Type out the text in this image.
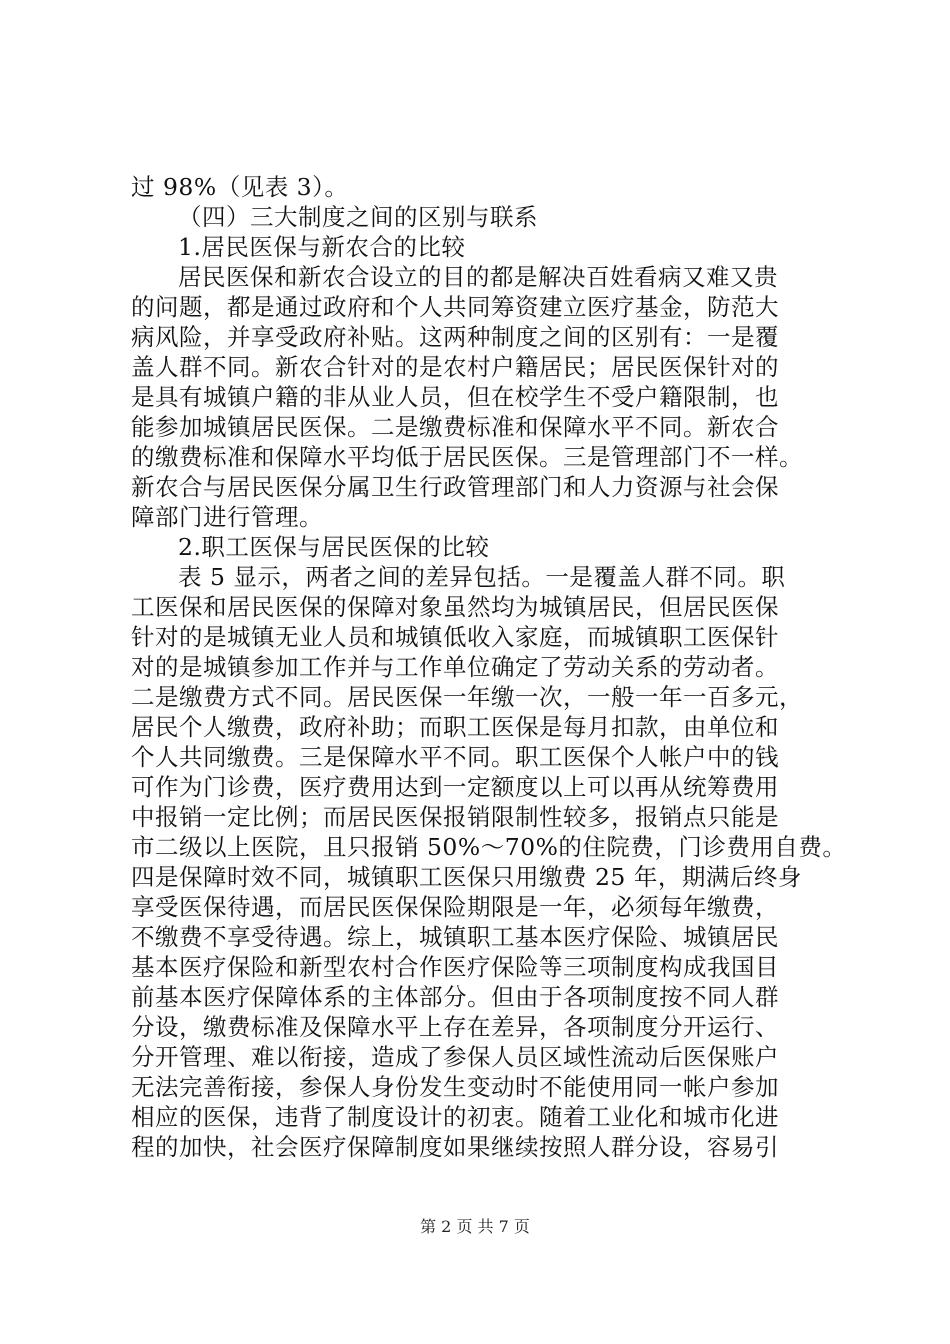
过 98%（见表 3）。
（四）三大制度之间的区别与联系
1.居民医保与新农合的比较
居民医保和新农合设立的目的都是解决百姓看病又难又贵
的问题，都是通过政府和个人共同筹资建立医疗基金，防范大
病风险，并享受政府补贴。这两种制度之间的区别有：一是覆
盖人群不同。新农合针对的是农村户籍居民；居民医保针对的
是具有城镇户籍的非从业人员，但在校学生不受户籍限制，也
能参加城镇居民医保。二是缴费标准和保障水平不同。新农合
的缴费标准和保障水平均低于居民医保。三是管理部门不一样。
新农合与居民医保分属卫生行政管理部门和人力资源与社会保
障部门进行管理。
2.职工医保与居民医保的比较
表 5 显示，两者之间的差异包括。一是覆盖人群不同。职
工医保和居民医保的保障对象虽然均为城镇居民，但居民医保
针对的是城镇无业人员和城镇低收入家庭，而城镇职工医保针
对的是城镇参加工作并与工作单位确定了劳动关系的劳动者。
二是缴费方式不同。居民医保一年缴一次，一般一年一百多元，
居民个人缴费，政府补助；而职工医保是每月扣款，由单位和
个人共同缴费。三是保障水平不同。职工医保个人帐户中的钱
可作为门诊费，医疗费用达到一定额度以上可以再从统筹费用
中报销一定比例；而居民医保报销限制性较多，报销点只能是
市二级以上医院，且只报销 50%～70%的住院费，门诊费用自费。
四是保障时效不同，城镇职工医保只用缴费 25 年，期满后终身
享受医保待遇，而居民医保保险期限是一年，必须每年缴费，
不缴费不享受待遇。综上，城镇职工基本医疗保险、城镇居民
基本医疗保险和新型农村合作医疗保险等三项制度构成我国目
前基本医疗保障体系的主体部分。但由于各项制度按不同人群
分设，缴费标准及保障水平上存在差异，各项制度分开运行、
分开管理、难以衔接，造成了参保人员区域性流动后医保账户
无法完善衔接，参保人身份发生变动时不能使用同一帐户参加
相应的医保，违背了制度设计的初衷。随着工业化和城市化进
程的加快，社会医疗保障制度如果继续按照人群分设，容易引
第 2 页 共 7 页
